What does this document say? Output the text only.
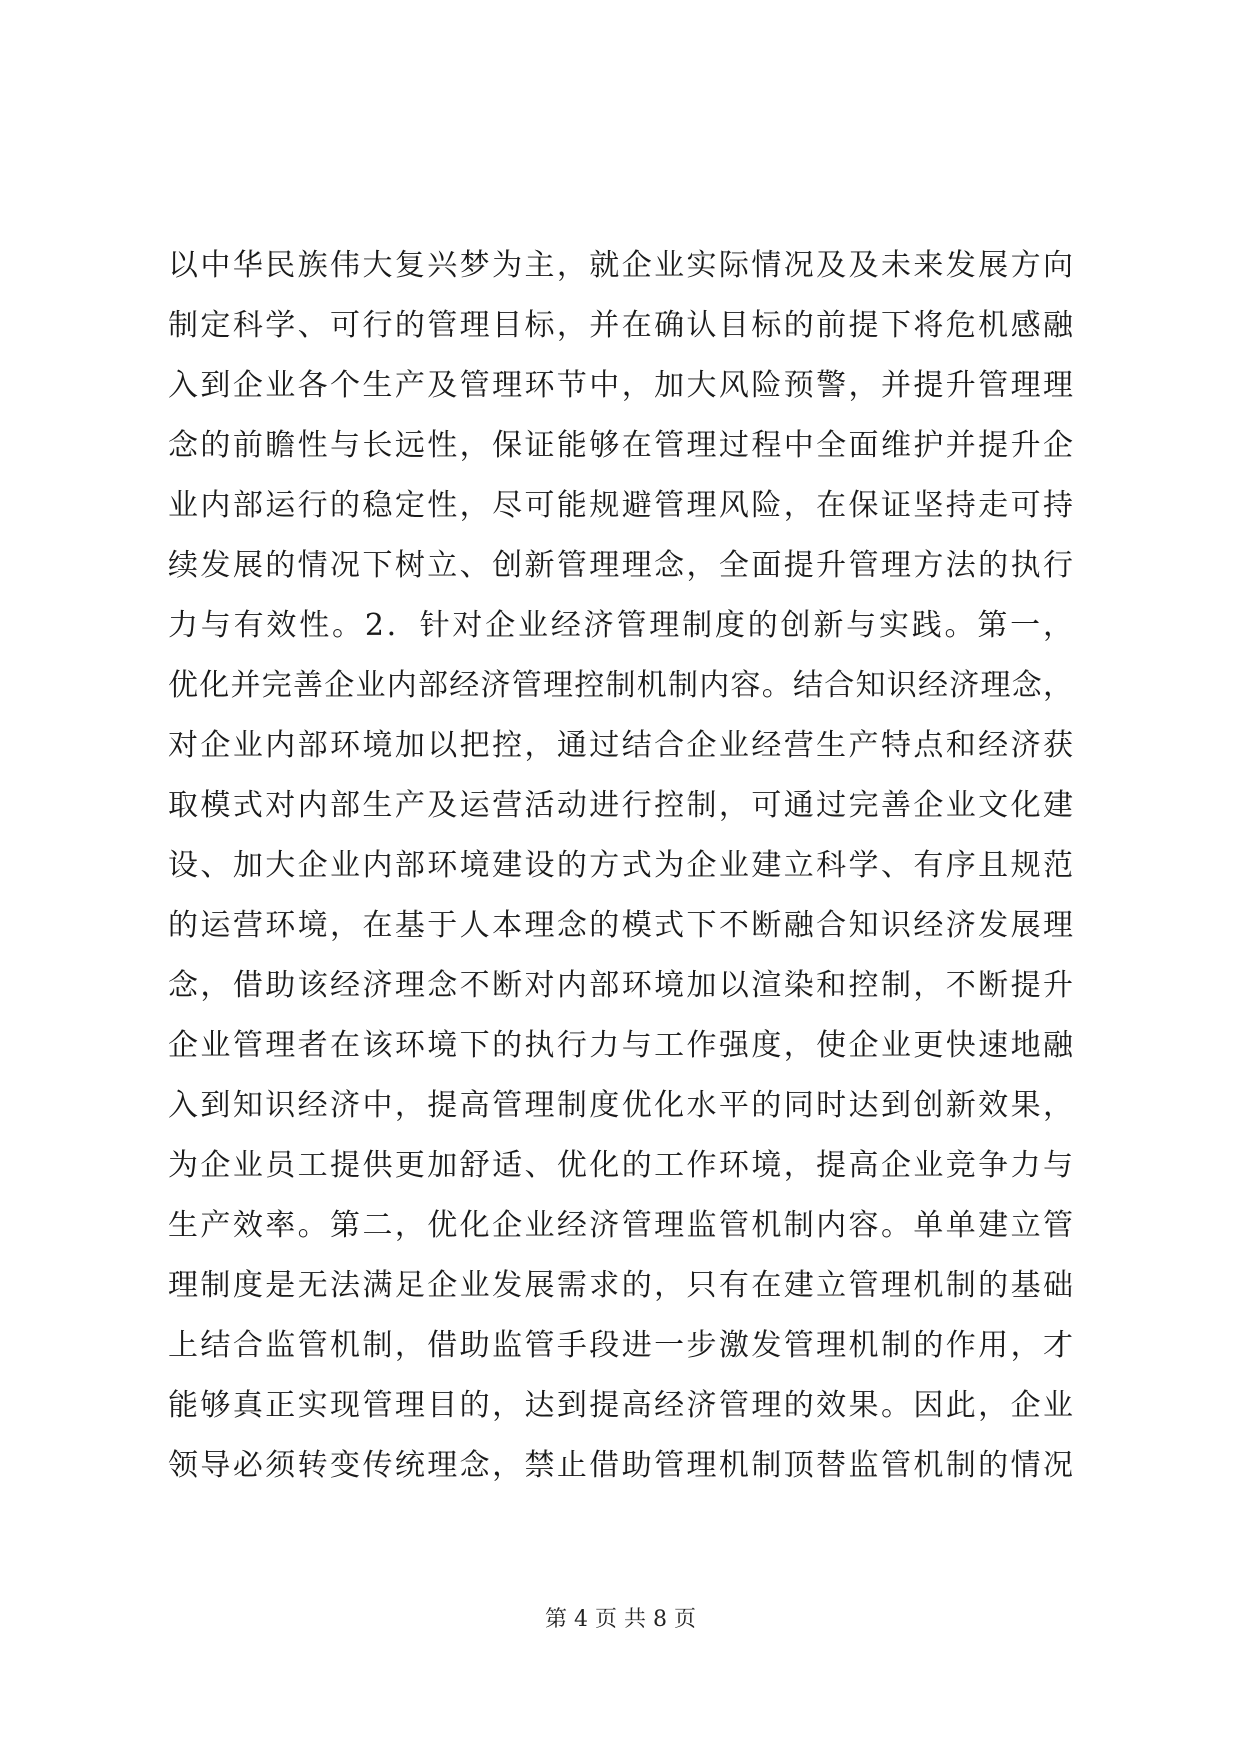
以中华民族伟大复兴梦为主，就企业实际情况及及未来发展方向
制定科学、可行的管理目标，并在确认目标的前提下将危机感融
入到企业各个生产及管理环节中，加大风险预警，并提升管理理
念的前瞻性与长远性，保证能够在管理过程中全面维护并提升企
业内部运行的稳定性，尽可能规避管理风险，在保证坚持走可持
续发展的情况下树立、创新管理理念，全面提升管理方法的执行
力与有效性。2．针对企业经济管理制度的创新与实践。第一，
优化并完善企业内部经济管理控制机制内容。结合知识经济理念，
对企业内部环境加以把控，通过结合企业经营生产特点和经济获
取模式对内部生产及运营活动进行控制，可通过完善企业文化建
设、加大企业内部环境建设的方式为企业建立科学、有序且规范
的运营环境，在基于人本理念的模式下不断融合知识经济发展理
念，借助该经济理念不断对内部环境加以渲染和控制，不断提升
企业管理者在该环境下的执行力与工作强度，使企业更快速地融
入到知识经济中，提高管理制度优化水平的同时达到创新效果，
为企业员工提供更加舒适、优化的工作环境，提高企业竞争力与
生产效率。第二，优化企业经济管理监管机制内容。单单建立管
理制度是无法满足企业发展需求的，只有在建立管理机制的基础
上结合监管机制，借助监管手段进一步激发管理机制的作用，才
能够真正实现管理目的，达到提高经济管理的效果。因此，企业
领导必须转变传统理念，禁止借助管理机制顶替监管机制的情况
第 4 页 共 8 页
